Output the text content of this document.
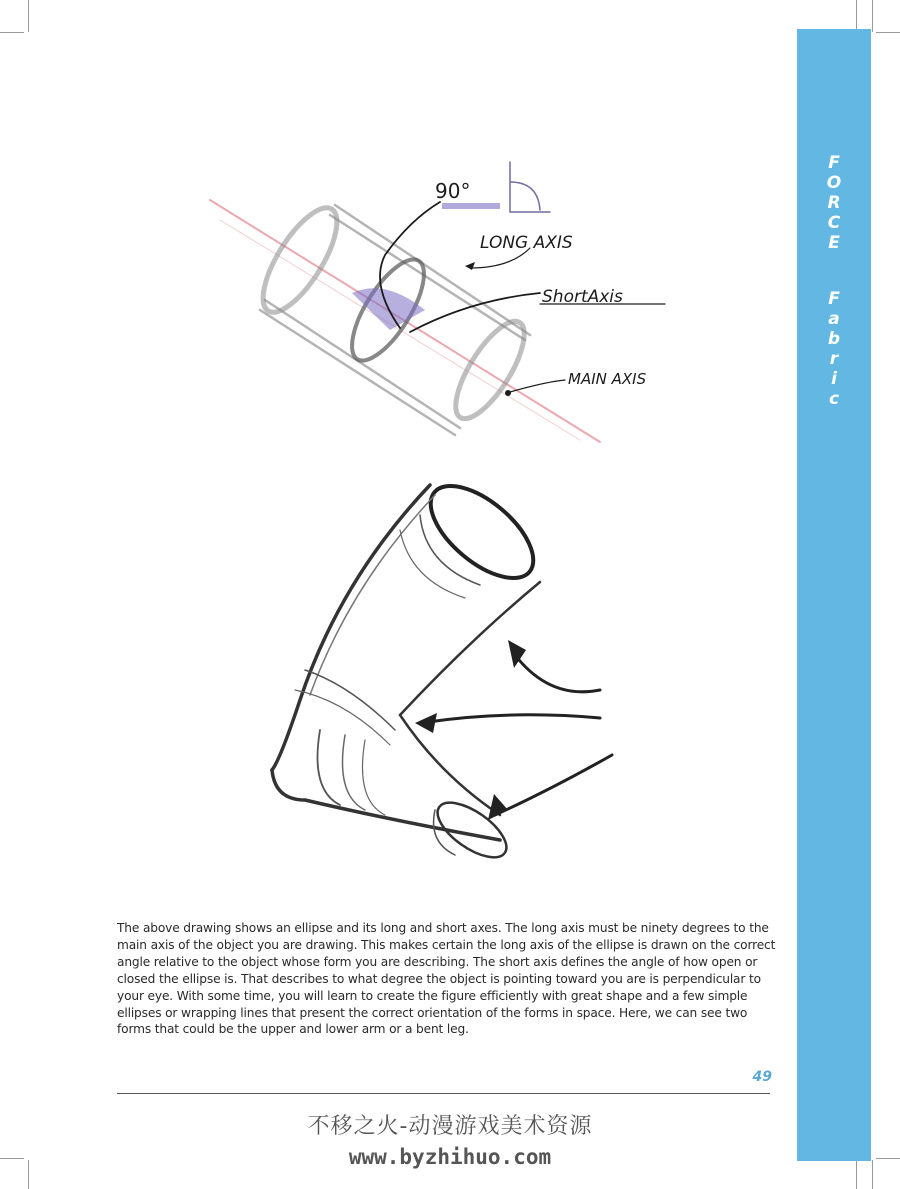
F
O
R
C
E
F
a
b
r
i
c
90°
LONG AXIS
ShortAxis
MAIN AXIS

The above drawing shows an ellipse and its long and short axes. The long axis must be ninety degrees to the main axis of the object you are drawing. This makes certain the long axis of the ellipse is drawn on the correct angle relative to the object whose form you are describing. The short axis defines the angle of how open or closed the ellipse is. That describes to what degree the object is pointing toward you are is perpendicular to your eye. With some time, you will learn to create the figure efficiently with great shape and a few simple ellipses or wrapping lines that present the correct orientation of the forms in space. Here, we can see two forms that could be the upper and lower arm or a bent leg.

49
不移之火-动漫游戏美术资源
www.byzhihuo.com
